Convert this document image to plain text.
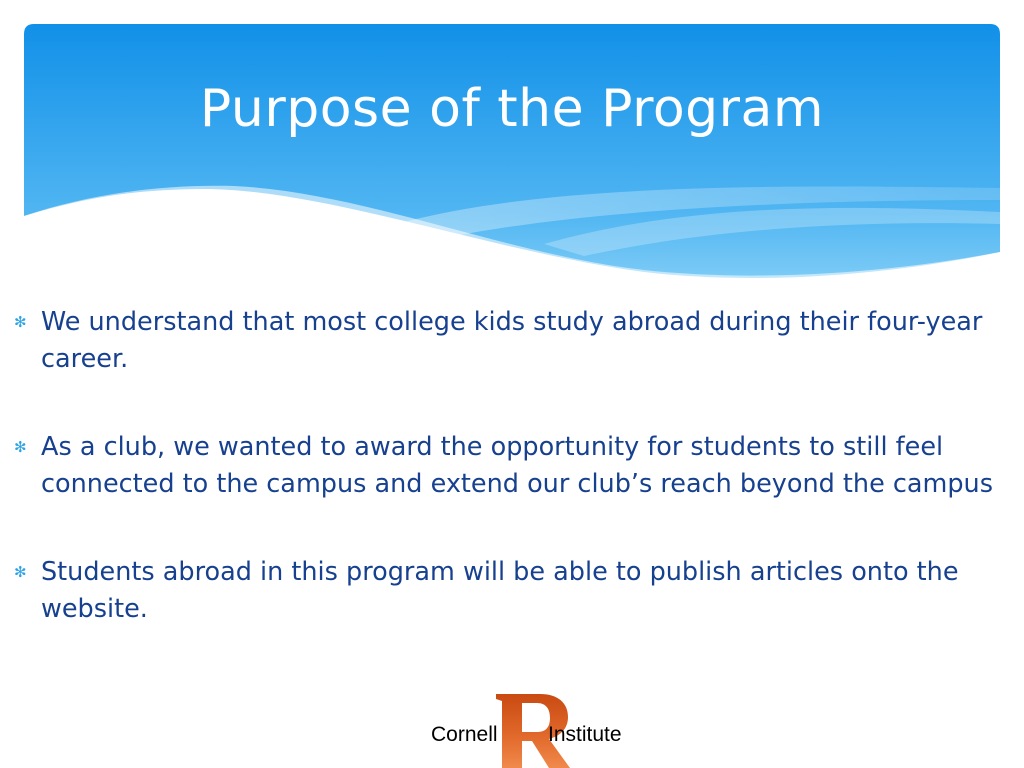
Purpose of the Program
✻ We understand that most college kids study abroad during their four-year career.
✻ As a club, we wanted to award the opportunity for students to still feel connected to the campus and extend our club’s reach beyond the campus
✻ Students abroad in this program will be able to publish articles onto the website.
Cornell Institute
